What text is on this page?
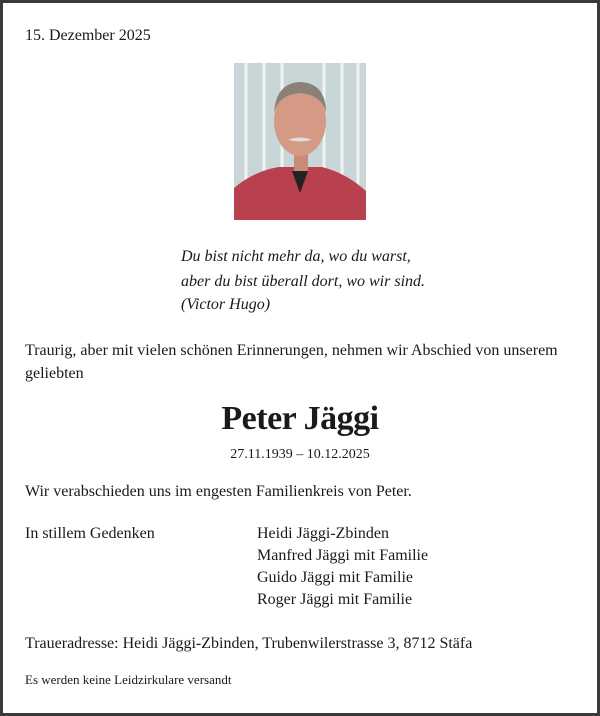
15. Dezember 2025
Du bist nicht mehr da, wo du warst,
aber du bist überall dort, wo wir sind.
(Victor Hugo)
Traurig, aber mit vielen schönen Erinnerungen, nehmen wir Abschied von unserem geliebten
Peter Jäggi
27.11.1939 – 10.12.2025
Wir verabschieden uns im engesten Familienkreis von Peter.
In stillem Gedenken	Heidi Jäggi-Zbinden
Manfred Jäggi mit Familie
Guido Jäggi mit Familie
Roger Jäggi mit Familie
Traueradresse: Heidi Jäggi-Zbinden, Trubenwilerstrasse 3, 8712 Stäfa
Es werden keine Leidzirkulare versandt
